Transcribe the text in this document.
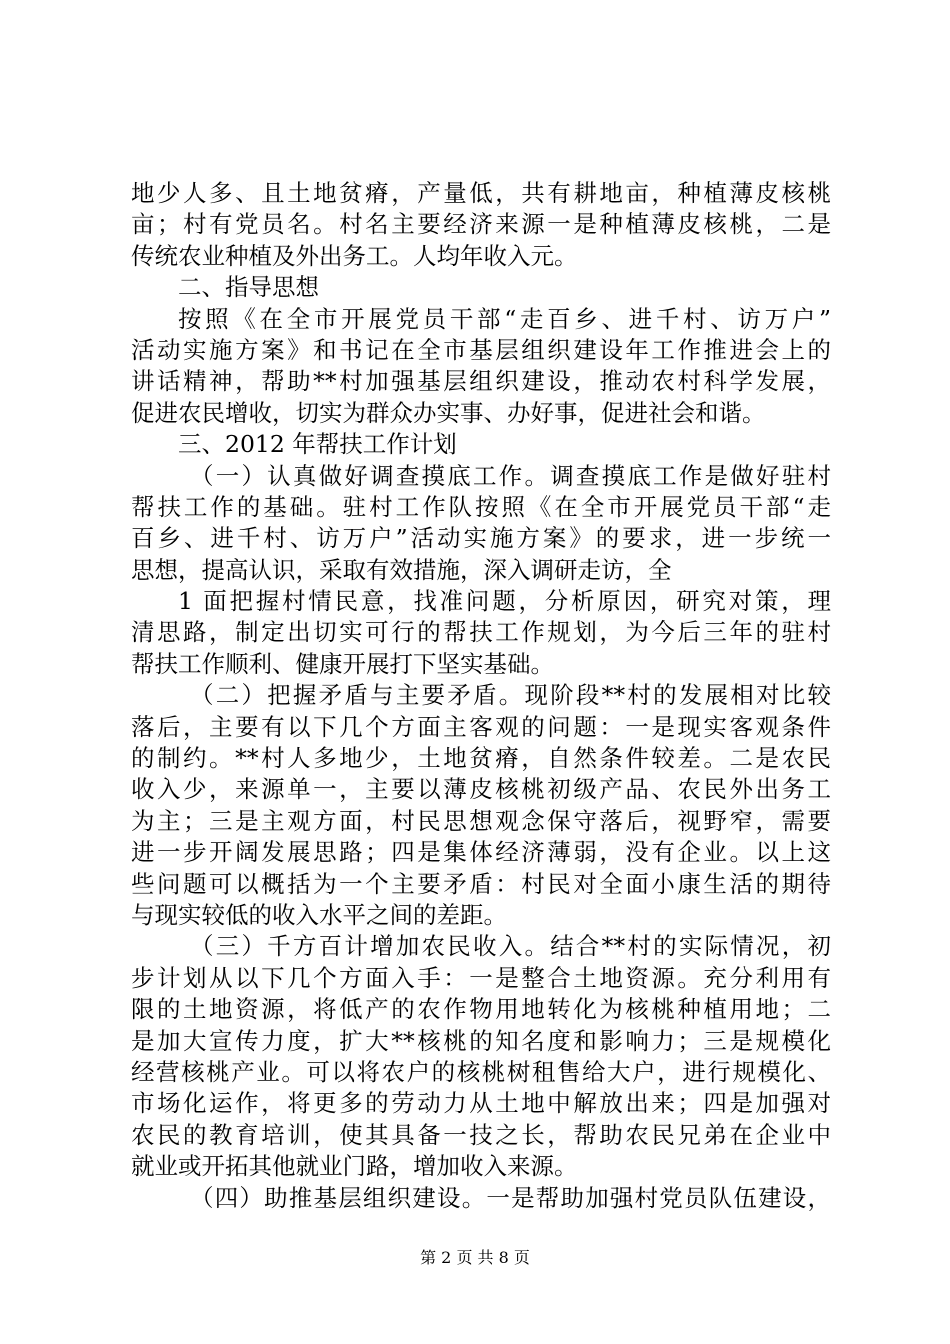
地少人多、且土地贫瘠，产量低，共有耕地亩，种植薄皮核桃
亩；村有党员名。村名主要经济来源一是种植薄皮核桃，二是
传统农业种植及外出务工。人均年收入元。
二、指导思想
按照《在全市开展党员干部“走百乡、进千村、访万户”
活动实施方案》和书记在全市基层组织建设年工作推进会上的
讲话精神，帮助**村加强基层组织建设，推动农村科学发展，
促进农民增收，切实为群众办实事、办好事，促进社会和谐。
三、2012 年帮扶工作计划
（一）认真做好调查摸底工作。调查摸底工作是做好驻村
帮扶工作的基础。驻村工作队按照《在全市开展党员干部“走
百乡、进千村、访万户”活动实施方案》的要求，进一步统一
思想，提高认识，采取有效措施，深入调研走访，全
1 面把握村情民意，找准问题，分析原因，研究对策，理
清思路，制定出切实可行的帮扶工作规划，为今后三年的驻村
帮扶工作顺利、健康开展打下坚实基础。
（二）把握矛盾与主要矛盾。现阶段**村的发展相对比较
落后，主要有以下几个方面主客观的问题：一是现实客观条件
的制约。**村人多地少，土地贫瘠，自然条件较差。二是农民
收入少，来源单一，主要以薄皮核桃初级产品、农民外出务工
为主；三是主观方面，村民思想观念保守落后，视野窄，需要
进一步开阔发展思路；四是集体经济薄弱，没有企业。以上这
些问题可以概括为一个主要矛盾：村民对全面小康生活的期待
与现实较低的收入水平之间的差距。
（三）千方百计增加农民收入。结合**村的实际情况，初
步计划从以下几个方面入手：一是整合土地资源。充分利用有
限的土地资源，将低产的农作物用地转化为核桃种植用地；二
是加大宣传力度，扩大**核桃的知名度和影响力；三是规模化
经营核桃产业。可以将农户的核桃树租售给大户，进行规模化、
市场化运作，将更多的劳动力从土地中解放出来；四是加强对
农民的教育培训，使其具备一技之长，帮助农民兄弟在企业中
就业或开拓其他就业门路，增加收入来源。
（四）助推基层组织建设。一是帮助加强村党员队伍建设，
第 2 页 共 8 页
